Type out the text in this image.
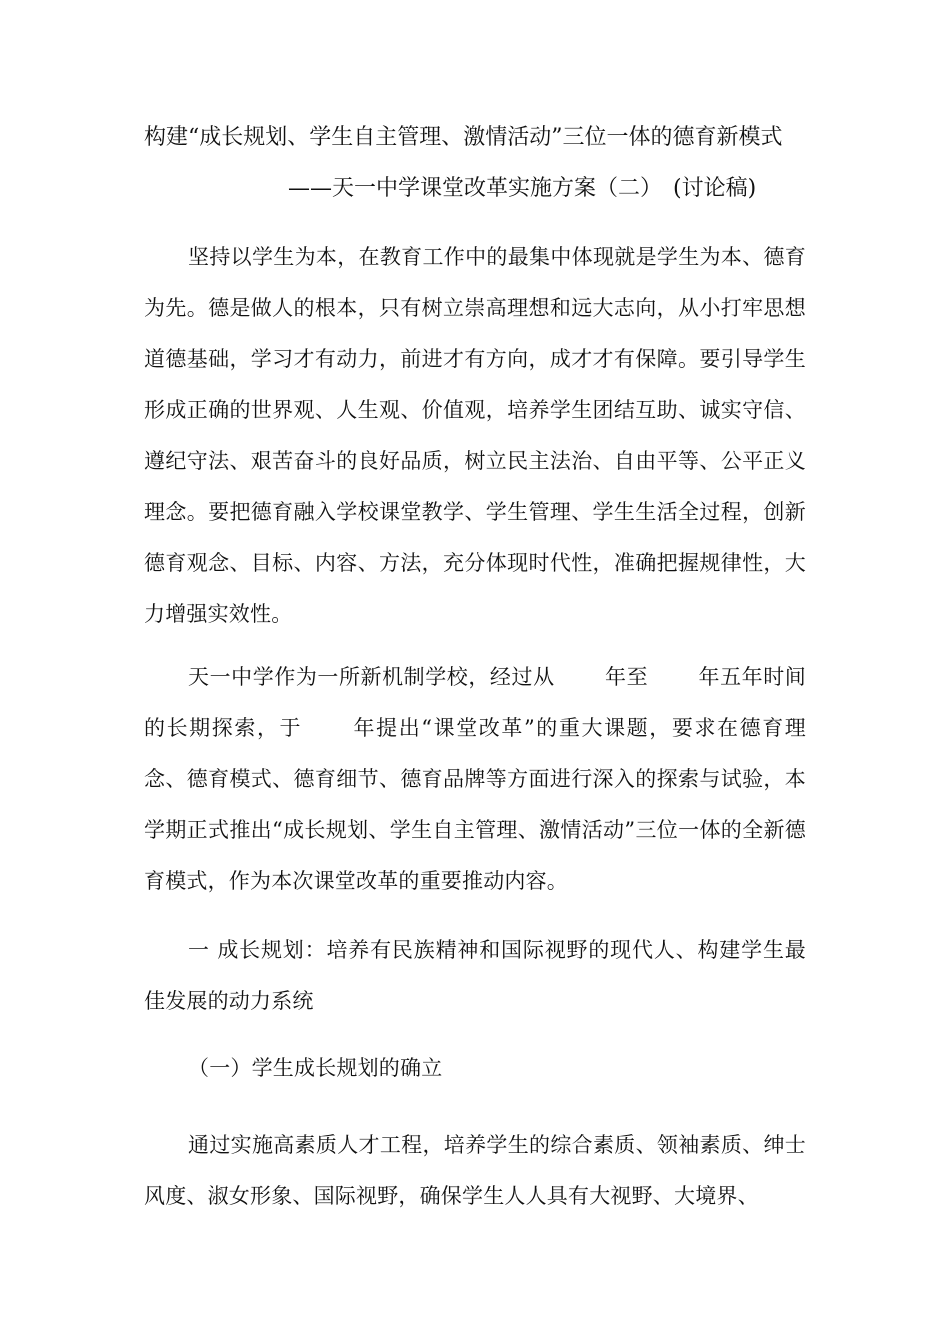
构建“成长规划、学生自主管理、激情活动”三位一体的德育新模式
——天一中学课堂改革实施方案（二）　(讨论稿)

坚持以学生为本，在教育工作中的最集中体现就是学生为本、德育为先。德是做人的根本，只有树立崇高理想和远大志向，从小打牢思想道德基础，学习才有动力，前进才有方向，成才才有保障。要引导学生形成正确的世界观、人生观、价值观，培养学生团结互助、诚实守信、遵纪守法、艰苦奋斗的良好品质，树立民主法治、自由平等、公平正义理念。要把德育融入学校课堂教学、学生管理、学生生活全过程，创新德育观念、目标、内容、方法，充分体现时代性，准确把握规律性，大力增强实效性。

天一中学作为一所新机制学校，经过从 年至 年五年时间的长期探索，于 年提出“课堂改革”的重大课题，要求在德育理念、德育模式、德育细节、德育品牌等方面进行深入的探索与试验，本学期正式推出“成长规划、学生自主管理、激情活动”三位一体的全新德育模式，作为本次课堂改革的重要推动内容。

一 成长规划：培养有民族精神和国际视野的现代人、构建学生最佳发展的动力系统

（一）学生成长规划的确立

通过实施高素质人才工程，培养学生的综合素质、领袖素质、绅士风度、淑女形象、国际视野，确保学生人人具有大视野、大境界、
